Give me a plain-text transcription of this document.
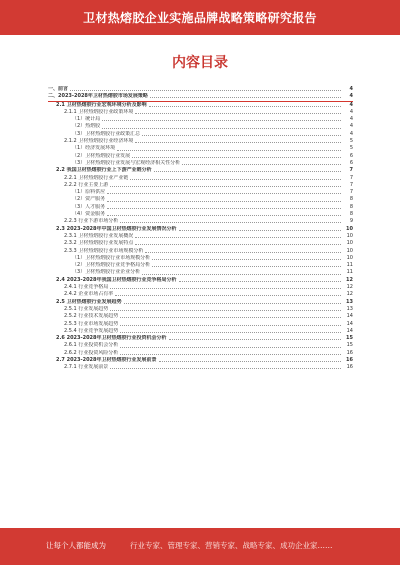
卫材热熔胶企业实施品牌战略策略研究报告
内容目录
一、前言	4
二、2023-2028年卫材热熔胶市场发展策略	4
2.1 卫材热熔胶行业宏观环境分析及影响	4
2.1.1 卫材热熔胶行业政策环境	4
（1）统计局	4
（2）热熔胶	4
（3）卫材热熔胶行业政策汇总	4
2.1.2 卫材热熔胶行业经济环境	5
（1）经济发展环境	5
（2）卫材热熔胶行业发展	6
（3）卫材热熔胶行业发展与宏观经济相关性分析	6
2.2 我国卫材热熔胶行业上下游产业链分析	7
2.2.1 卫材热熔胶行业产业链	7
2.2.2 行业主要上游	7
（1）原料供应	7
（2）资产服务	8
（3）人才服务	8
（4）资金服务	8
2.2.3 行业下游市场分析	9
2.3 2023-2028年中国卫材热熔胶行业发展情况分析	10
2.3.1 卫材热熔胶行业发展概况	10
2.3.2 卫材热熔胶行业发展特点	10
2.3.3 卫材热熔胶行业市场规模分析	10
（1）卫材热熔胶行业市场规模分析	10
（2）卫材热熔胶行业竞争格局分析	11
（3）卫材热熔胶行业企业分析	11
2.4 2023-2028年我国卫材热熔胶行业竞争格局分析	12
2.4.1 行业竞争格局	12
2.4.2 企业市场占有率	12
2.5 卫材热熔胶行业发展趋势	13
2.5.1 行业发展趋势	13
2.5.2 行业技术发展趋势	14
2.5.3 行业市场发展趋势	14
2.5.4 行业竞争发展趋势	14
2.6 2023-2028年卫材热熔胶行业投资机会分析	15
2.6.1 行业投资机会分析	15
2.6.2 行业投资风险分析	16
2.7 2023-2028年卫材热熔胶行业发展前景	16
2.7.1 行业发展前景	16
让每个人都能成为	行业专家、管理专家、营销专家、战略专家、成功企业家……
